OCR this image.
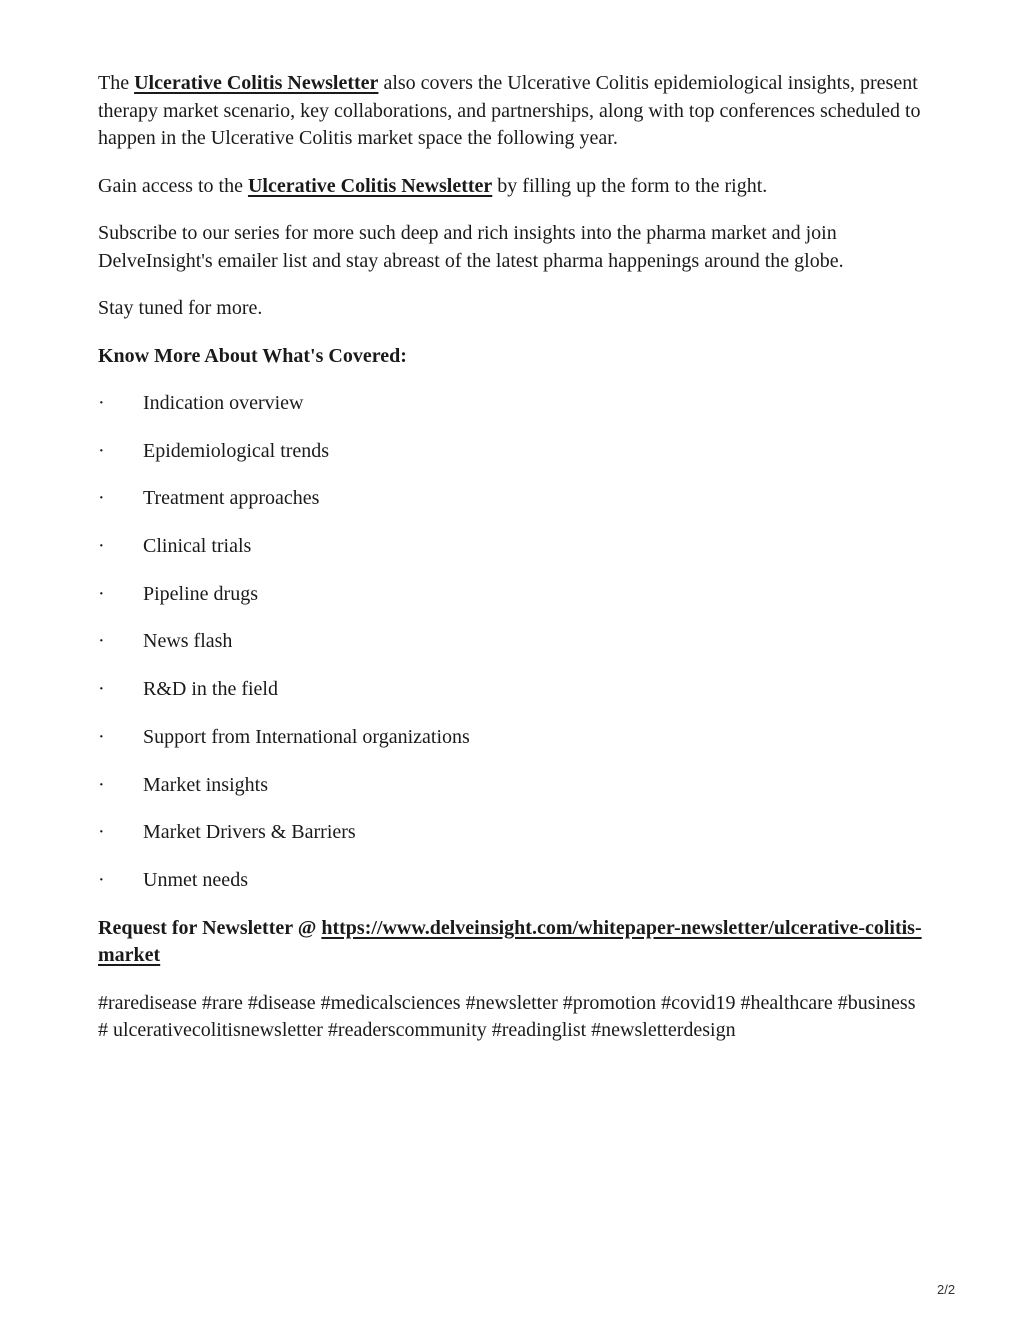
The Ulcerative Colitis Newsletter also covers the Ulcerative Colitis epidemiological insights, present therapy market scenario, key collaborations, and partnerships, along with top conferences scheduled to happen in the Ulcerative Colitis market space the following year.

Gain access to the Ulcerative Colitis Newsletter by filling up the form to the right.

Subscribe to our series for more such deep and rich insights into the pharma market and join DelveInsight's emailer list and stay abreast of the latest pharma happenings around the globe.

Stay tuned for more.

Know More About What's Covered:

·	Indication overview
·	Epidemiological trends
·	Treatment approaches
·	Clinical trials
·	Pipeline drugs
·	News flash
·	R&D in the field
·	Support from International organizations
·	Market insights
·	Market Drivers & Barriers
·	Unmet needs

Request for Newsletter @ https://www.delveinsight.com/whitepaper-newsletter/ulcerative-colitis-market

#raredisease #rare #disease #medicalsciences #newsletter #promotion #covid19 #healthcare #business # ulcerativecolitisnewsletter #readerscommunity #readinglist #newsletterdesign

2/2
